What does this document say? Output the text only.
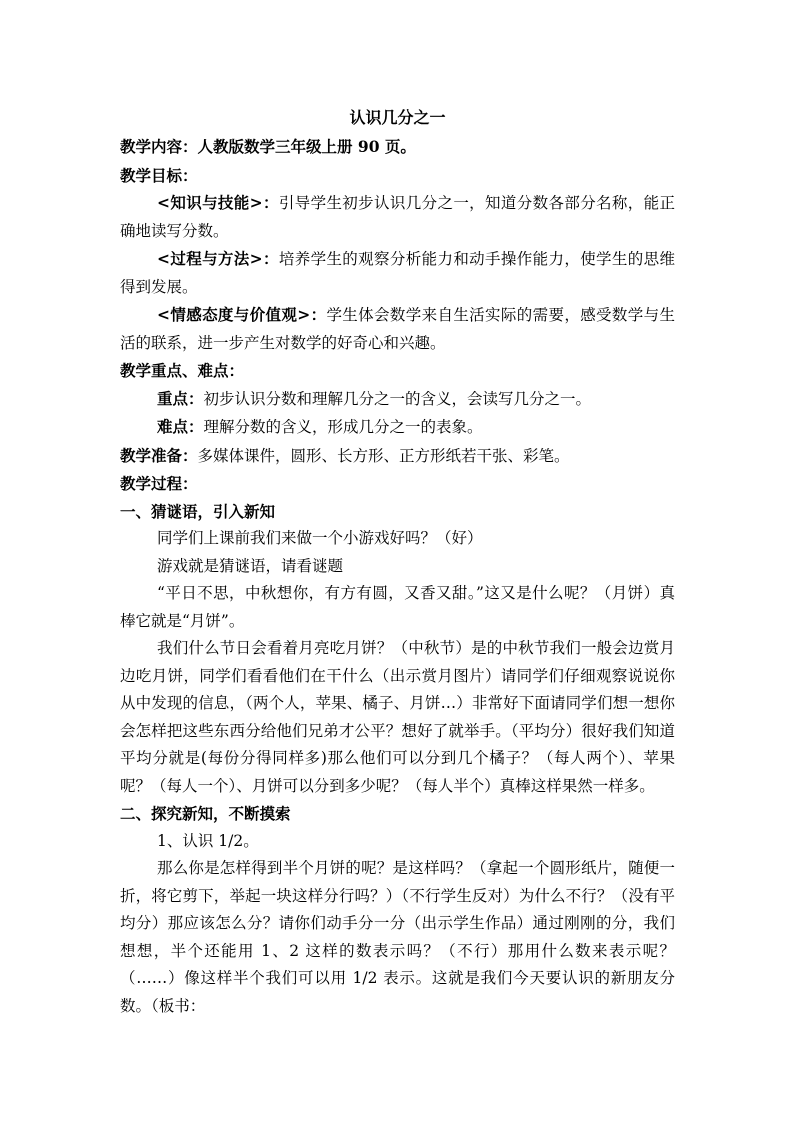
认识几分之一

教学内容：人教版数学三年级上册 90 页。

教学目标：

<知识与技能>：引导学生初步认识几分之一，知道分数各部分名称，能正确地读写分数。

<过程与方法>：培养学生的观察分析能力和动手操作能力，使学生的思维得到发展。

<情感态度与价值观>：学生体会数学来自生活实际的需要，感受数学与生活的联系，进一步产生对数学的好奇心和兴趣。

教学重点、难点：

重点：初步认识分数和理解几分之一的含义，会读写几分之一。

难点：理解分数的含义，形成几分之一的表象。

教学准备：多媒体课件，圆形、长方形、正方形纸若干张、彩笔。

教学过程：

一、猜谜语，引入新知

同学们上课前我们来做一个小游戏好吗？（好）

游戏就是猜谜语，请看谜题

“平日不思，中秋想你，有方有圆，又香又甜。”这又是什么呢？（月饼）真棒它就是“月饼”。

我们什么节日会看着月亮吃月饼？（中秋节）是的中秋节我们一般会边赏月边吃月饼，同学们看看他们在干什么（出示赏月图片）请同学们仔细观察说说你从中发现的信息，（两个人，苹果、橘子、月饼…）非常好下面请同学们想一想你会怎样把这些东西分给他们兄弟才公平？想好了就举手。（平均分）很好我们知道平均分就是(每份分得同样多)那么他们可以分到几个橘子？（每人两个）、苹果呢？（每人一个）、月饼可以分到多少呢？（每人半个）真棒这样果然一样多。

二、探究新知，不断摸索

1、认识 1/2。

那么你是怎样得到半个月饼的呢？是这样吗？（拿起一个圆形纸片，随便一折，将它剪下，举起一块这样分行吗？）（不行学生反对）为什么不行？（没有平均分）那应该怎么分？请你们动手分一分（出示学生作品）通过刚刚的分，我们想想，半个还能用 1、2 这样的数表示吗？（不行）那用什么数来表示呢？（……）像这样半个我们可以用 1/2 表示。这就是我们今天要认识的新朋友分数。（板书：
